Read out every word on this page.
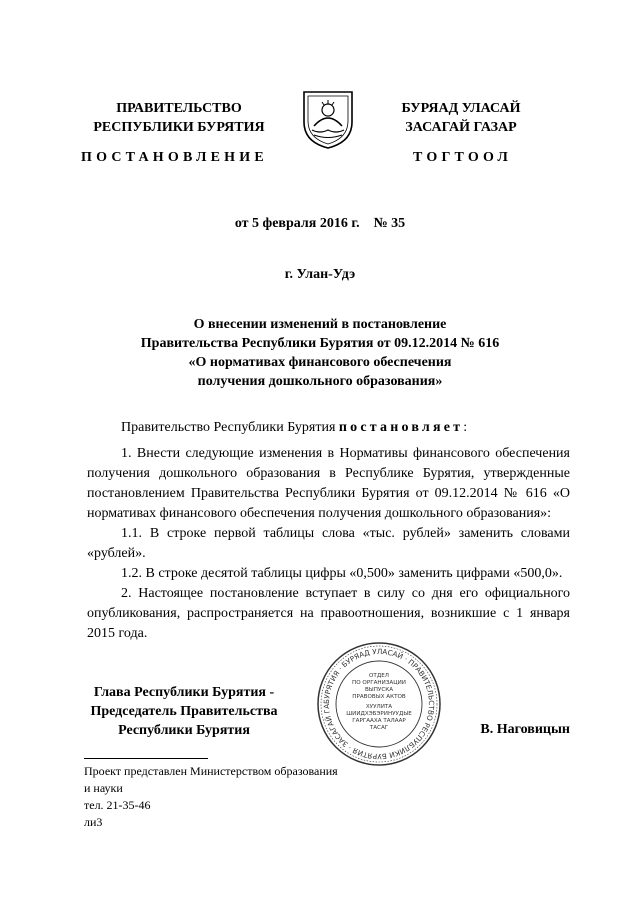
ПРАВИТЕЛЬСТВО
РЕСПУБЛИКИ БУРЯТИЯ
БУРЯАД УЛАСАЙ
ЗАСАГАЙ ГАЗАР
ПОСТАНОВЛЕНИЕ	ТОГТООЛ
от 5 февраля 2016 г.    № 35
г. Улан-Удэ
О внесении изменений в постановление
Правительства Республики Бурятия от 09.12.2014 № 616
«О нормативах финансового обеспечения
получения дошкольного образования»
Правительство Республики Бурятия постановляет:
1. Внести следующие изменения в Нормативы финансового обеспечения получения дошкольного образования в Республике Бурятия, утвержденные постановлением Правительства Республики Бурятия от 09.12.2014 № 616 «О нормативах финансового обеспечения получения дошкольного образования»:
1.1. В строке первой таблицы слова «тыс. рублей» заменить словами «рублей».
1.2. В строке десятой таблицы цифры «0,500» заменить цифрами «500,0».
2. Настоящее постановление вступает в силу со дня его официального опубликования, распространяется на правоотношения, возникшие с 1 января 2015 года.
Глава Республики Бурятия -
Председатель Правительства
Республики Бурятия
БУРЯТИЯ · БУРЯАД УЛАСАЙ · ПРАВИТЕЛЬСТВО РЕСПУБЛИКИ БУРЯТИЯ · ЗАСАГАЙ ГА
ОТДЕЛ
ПО ОРГАНИЗАЦИИ
ВЫПУСКА
ПРАВОВЫХ АКТОВ
ХУУЛИТА
ШИИДХЭБЭРИНУУДЫЕ
ГАРГААХА ТАЛААР
ТАСАГ	В. Наговицын
Проект представлен Министерством образования
и науки
тел. 21-35-46
ли3
